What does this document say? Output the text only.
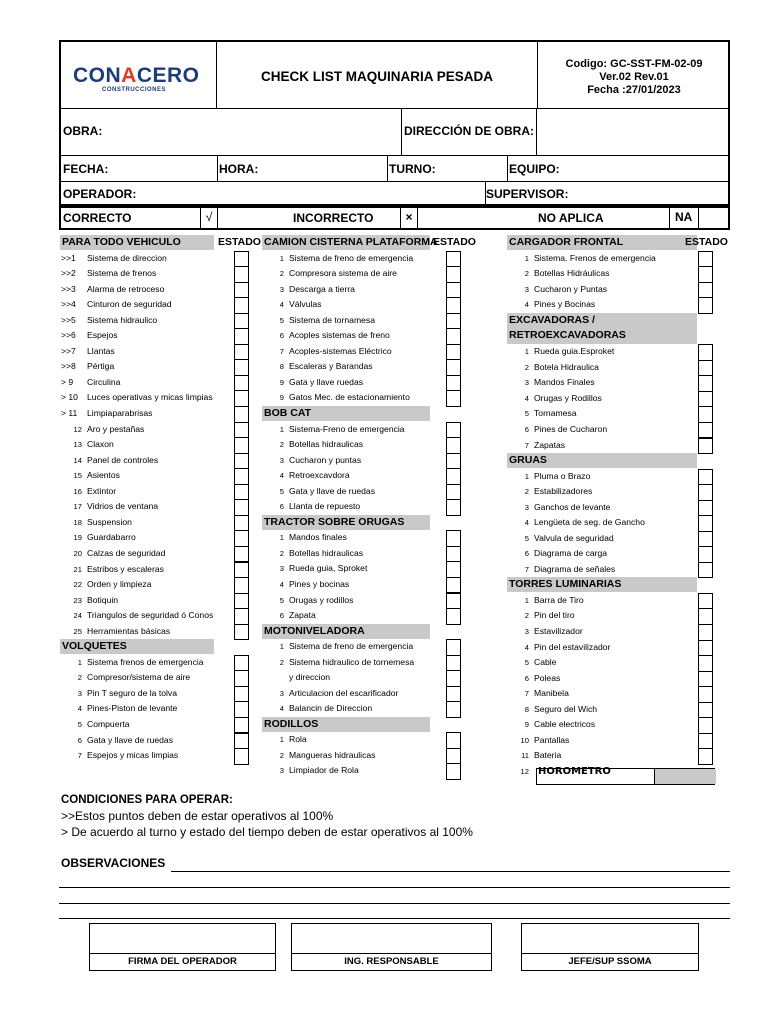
CONACERO
CONSTRUCCIONES
CHECK LIST MAQUINARIA PESADA
Codigo: GC-SST-FM-02-09
Ver.02 Rev.01
Fecha :27/01/2023
OBRA:	DIRECCIÓN DE OBRA:
FECHA:	HORA:	TURNO:	EQUIPO:
OPERADOR:	SUPERVISOR:
CORRECTO	√	INCORRECTO	×	NO APLICA	NA
PARA TODO VEHICULO	ESTADO
>>1	Sistema de direccion
>>2	Sistema de frenos
>>3	Alarma de retroceso
>>4	Cinturon de seguridad
>>5	Sistema hidraulico
>>6	Espejos
>>7	Llantas
>>8	Pértiga
> 9	Circulina
> 10	Luces operativas y micas limpias
> 11	Limpiaparabrisas
12 Aro y pestañas
13 Claxon
14 Panel de controles
15 Asientos
16 Extintor
17 Vidrios de ventana
18 Suspension
19 Guardabarro
20 Calzas de seguridad
21 Estribos y escaleras
22 Orden y limpieza
23 Botiquin
24 Triangulos de seguridad ó Conos
25 Herramientas básicas
VOLQUETES
1 Sistema frenos de emergencia
2 Compresor/sistema de aire
3 Pin T seguro de la tolva
4 Pines-Piston de levante
5 Compuerta
6 Gata y llave de ruedas
7 Espejos y micas limpias
CAMION CISTERNA PLATAFORMA
ESTADO
1 Sistema de freno de emergencia
2 Compresora sistema de aire
3 Descarga a tierra
4 Válvulas
5 Sistema de tornamesa
6 Acoples sistemas de freno
7 Acoples-sistemas Eléctrico
8 Escaleras y Barandas
9 Gata y llave ruedas
9 Gatos Mec. de estacionamiento
BOB CAT
1 Sistema-Freno de emergencia
2 Botellas hidraulicas
3 Cucharon y puntas
4 Retroexcavdora
5 Gata y llave de ruedas
6 Llanta de repuesto
TRACTOR SOBRE ORUGAS
1 Mandos finales
2 Botellas hidraulicas
3 Rueda guia, Sproket
4 Pines y bocinas
5 Orugas y rodillos
6 Zapata
MOTONIVELADORA
1 Sistema de freno de emergencia
2 Sistema hidraulico de tornemesa
y direccion
3 Articulacion del escarificador
4 Balancin de Direccion
RODILLOS
1 Rola
2 Mangueras hidraulicas
3 Limpiador de Rola
CARGADOR FRONTAL	ESTADO
1 Sistema. Frenos de emergencia
2 Botellas Hidráulicas
3 Cucharon y Puntas
4 Pines y Bocinas
EXCAVADORAS /
RETROEXCAVADORAS
1 Rueda guia.Esproket
2 Botela Hidraulica
3 Mandos Finales
4 Orugas y Rodillos
5 Tornamesa
6 Pines de Cucharon
7 Zapatas
GRUAS
1 Pluma o Brazo
2 Estabilizadores
3 Ganchos de levante
4 Lengüeta de seg. de Gancho
5 Valvula de seguridad
6 Diagrama de carga
7 Diagrama de señales
TORRES LUMINARIAS
1 Barra de Tiro
2 Pin del tiro
3 Estavilizador
4 Pin del estavilizador
5 Cable
6 Poleas
7 Manibela
8 Seguro del Wich
9 Cable electricos
10 Pantallas
11 Bateria
12 HOROMETRO
CONDICIONES PARA OPERAR:
>>Estos puntos deben de estar operativos al 100%
> De acuerdo al turno y estado del tiempo deben de estar operativos al 100%
OBSERVACIONES
FIRMA DEL OPERADOR	ING. RESPONSABLE	JEFE/SUP SSOMA
